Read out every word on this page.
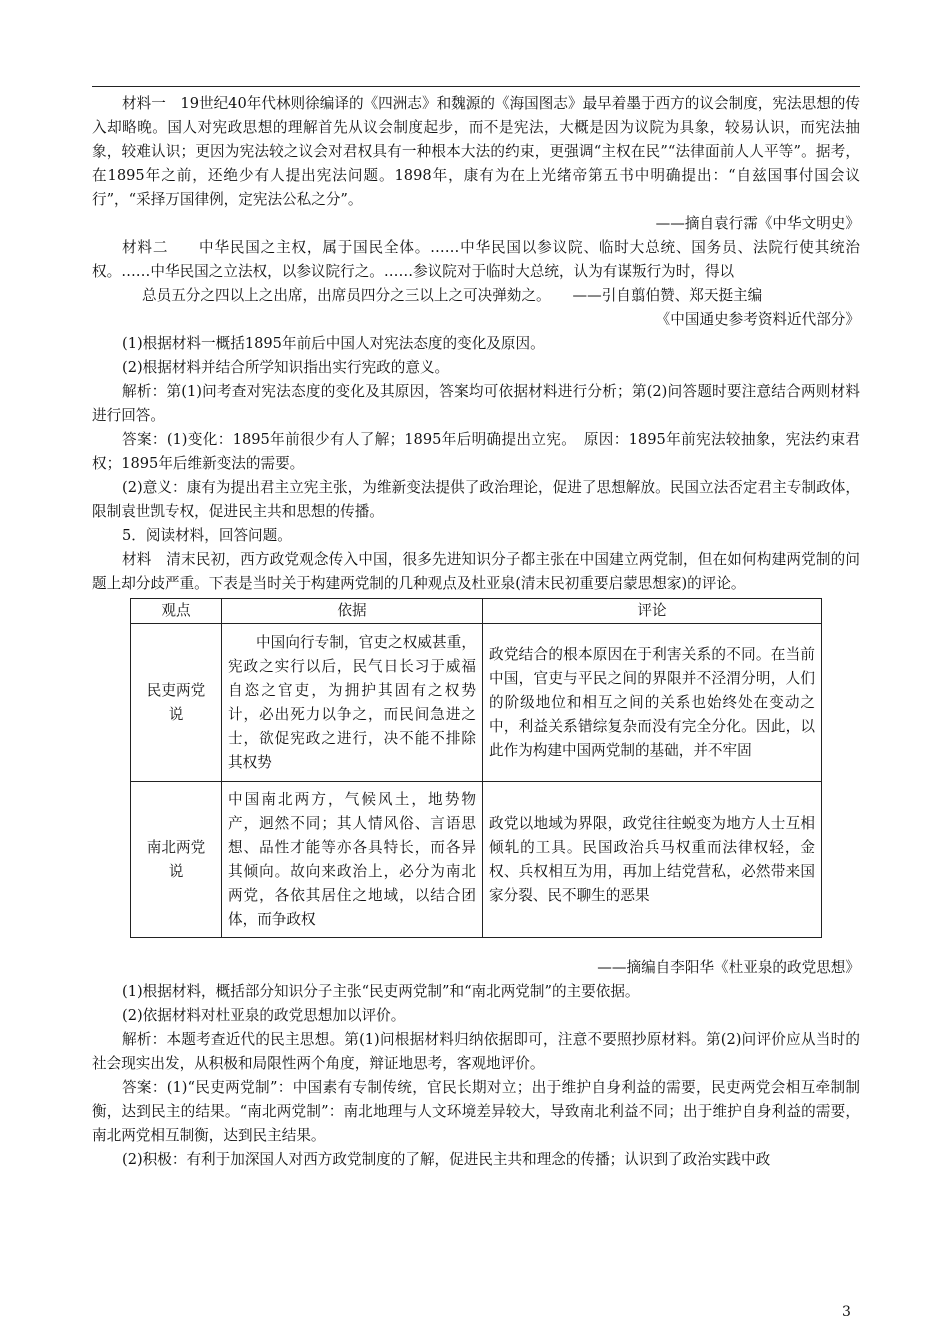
材料一　19世纪40年代林则徐编译的《四洲志》和魏源的《海国图志》最早着墨于西方的议会制度，宪法思想的传入却略晚。国人对宪政思想的理解首先从议会制度起步，而不是宪法，大概是因为议院为具象，较易认识，而宪法抽象，较难认识；更因为宪法较之议会对君权具有一种根本大法的约束，更强调“主权在民”“法律面前人人平等”。据考，在1895年之前，还绝少有人提出宪法问题。1898年，康有为在上光绪帝第五书中明确提出：“自兹国事付国会议行”，“采择万国律例，定宪法公私之分”。

——摘自袁行霈《中华文明史》

材料二　　中华民国之主权，属于国民全体。……中华民国以参议院、临时大总统、国务员、法院行使其统治权。……中华民国之立法权，以参议院行之。……参议院对于临时大总统，认为有谋叛行为时，得以

总员五分之四以上之出席，出席员四分之三以上之可决弹劾之。　　——引自翦伯赞、郑天挺主编

《中国通史参考资料近代部分》

(1)根据材料一概括1895年前后中国人对宪法态度的变化及原因。

(2)根据材料并结合所学知识指出实行宪政的意义。

解析：第(1)问考查对宪法态度的变化及其原因，答案均可依据材料进行分析；第(2)问答题时要注意结合两则材料进行回答。

答案：(1)变化：1895年前很少有人了解；1895年后明确提出立宪。　原因：1895年前宪法较抽象，宪法约束君权；1895年后维新变法的需要。

(2)意义：康有为提出君主立宪主张，为维新变法提供了政治理论，促进了思想解放。民国立法否定君主专制政体，限制袁世凯专权，促进民主共和思想的传播。

5．阅读材料，回答问题。

材料　清末民初，西方政党观念传入中国，很多先进知识分子都主张在中国建立两党制，但在如何构建两党制的问题上却分歧严重。下表是当时关于构建两党制的几种观点及杜亚泉(清末民初重要启蒙思想家)的评论。

观点	依据	评论
民吏两党说	中国向行专制，官吏之权威甚重，宪政之实行以后，民气日长习于威福自恣之官吏，为拥护其固有之权势计，必出死力以争之，而民间急进之士，欲促宪政之进行，决不能不排除其权势	政党结合的根本原因在于利害关系的不同。在当前中国，官吏与平民之间的界限并不泾渭分明，人们的阶级地位和相互之间的关系也始终处在变动之中，利益关系错综复杂而没有完全分化。因此，以此作为构建中国两党制的基础，并不牢固
南北两党说	中国南北两方，气候风土，地势物产，迥然不同；其人情风俗、言语思想、品性才能等亦各具特长，而各异其倾向。故向来政治上，必分为南北两党，各依其居住之地域，以结合团体，而争政权	政党以地域为界限，政党往往蜕变为地方人士互相倾轧的工具。民国政治兵马权重而法律权轻，金权、兵权相互为用，再加上结党营私，必然带来国家分裂、民不聊生的恶果

——摘编自李阳华《杜亚泉的政党思想》

(1)根据材料，概括部分知识分子主张“民吏两党制”和“南北两党制”的主要依据。

(2)依据材料对杜亚泉的政党思想加以评价。

解析：本题考查近代的民主思想。第(1)问根据材料归纳依据即可，注意不要照抄原材料。第(2)问评价应从当时的社会现实出发，从积极和局限性两个角度，辩证地思考，客观地评价。

答案：(1)“民吏两党制”：中国素有专制传统，官民长期对立；出于维护自身利益的需要，民吏两党会相互牵制制衡，达到民主的结果。“南北两党制”：南北地理与人文环境差异较大，导致南北利益不同；出于维护自身利益的需要，南北两党相互制衡，达到民主结果。

(2)积极：有利于加深国人对西方政党制度的了解，促进民主共和理念的传播；认识到了政治实践中政

3
